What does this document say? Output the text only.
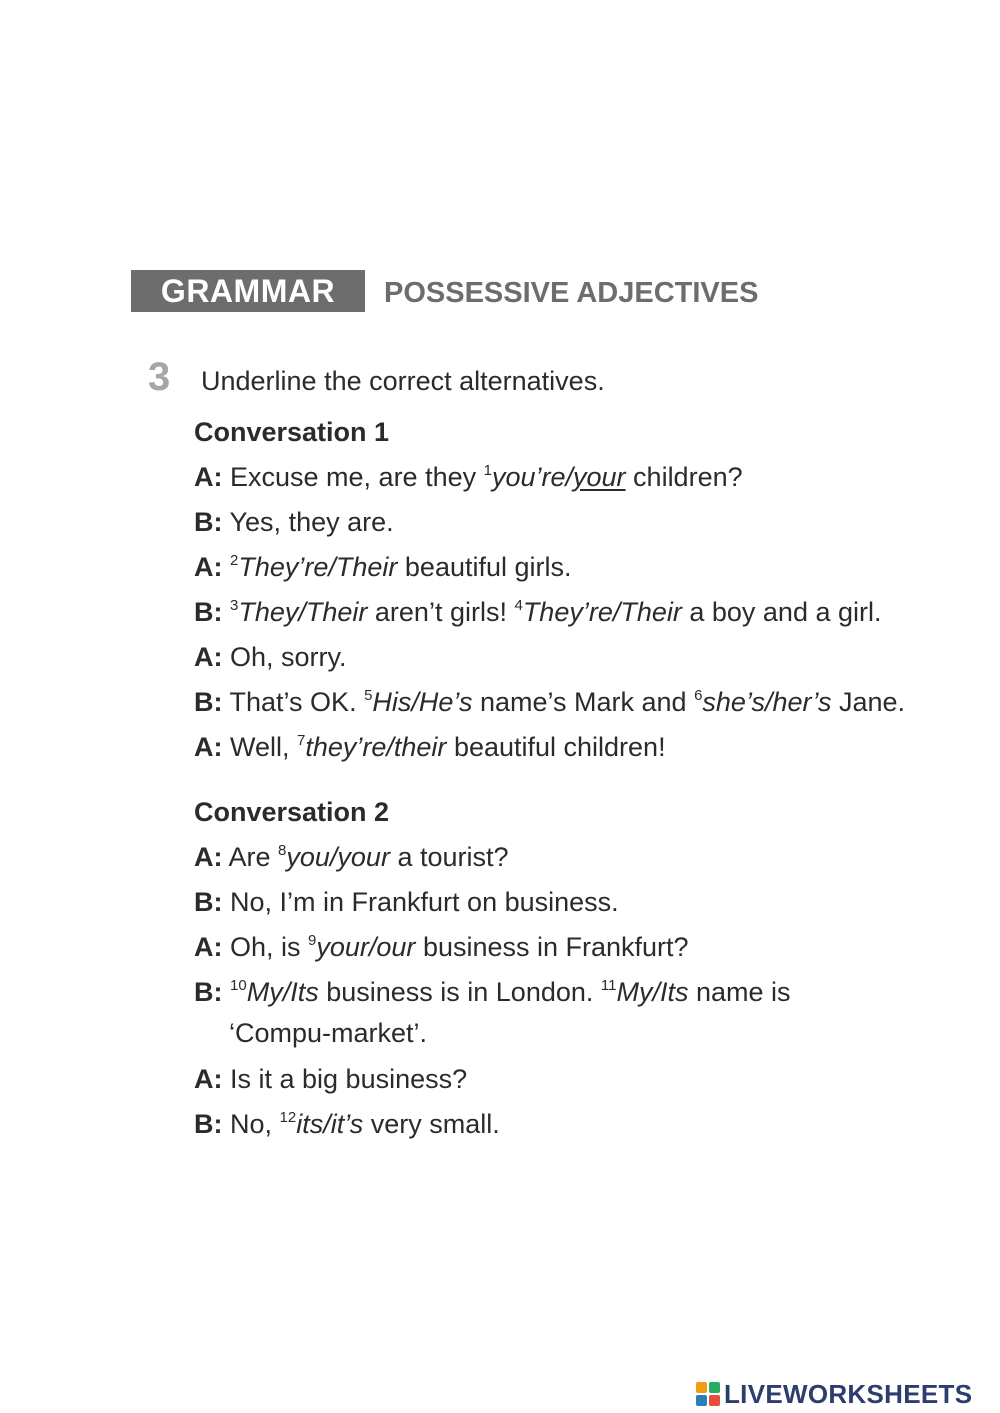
GRAMMAR	POSSESSIVE ADJECTIVES
3 Underline the correct alternatives.
Conversation 1
A: Excuse me, are they $^1$you’re/your children?
B: Yes, they are.
A: $^2$They’re/Their beautiful girls.
B: $^3$They/Their aren’t girls! $^4$They’re/Their a boy and a girl.
A: Oh, sorry.
B: That’s OK. $^5$His/He’s name’s Mark and $^6$she’s/her’s Jane.
A: Well, $^7$they’re/their beautiful children!
Conversation 2
A: Are $^8$you/your a tourist?
B: No, I’m in Frankfurt on business.
A: Oh, is $^9$your/our business in Frankfurt?
B: $^{10}$My/Its business is in London. $^{11}$My/Its name is
‘Compu-market’.
A: Is it a big business?
B: No, $^{12}$its/it’s very small.
LIVEWORKSHEETS
